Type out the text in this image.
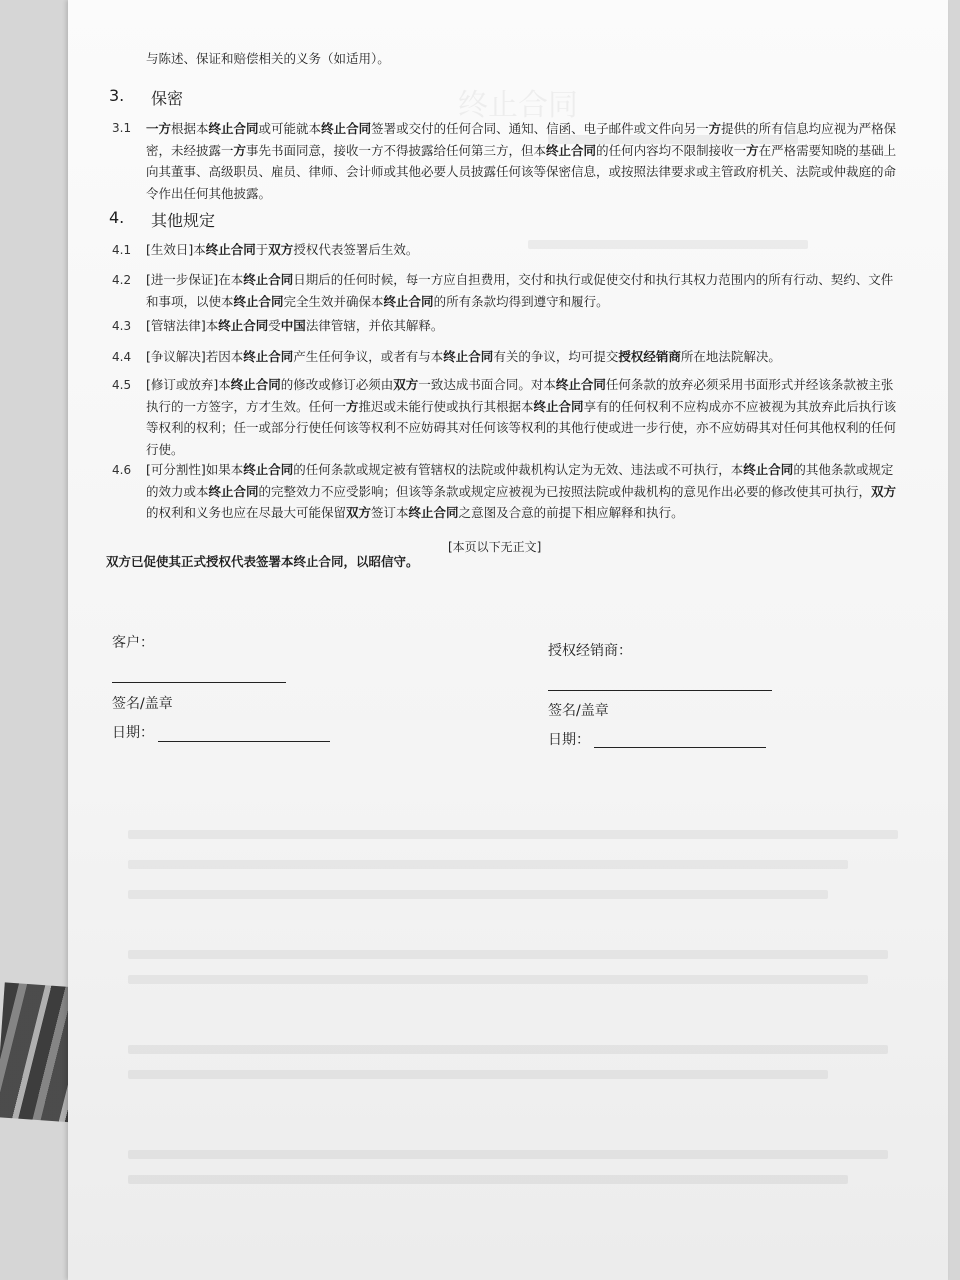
终止合同
与陈述、保证和赔偿相关的义务（如适用）。
3. 保密
3.1 一方根据本终止合同或可能就本终止合同签署或交付的任何合同、通知、信函、电子邮件或文件向另一方提供的所有信息均应视为严格保密，未经披露一方事先书面同意，接收一方不得披露给任何第三方，但本终止合同的任何内容均不限制接收一方在严格需要知晓的基础上向其董事、高级职员、雇员、律师、会计师或其他必要人员披露任何该等保密信息，或按照法律要求或主管政府机关、法院或仲裁庭的命令作出任何其他披露。
4. 其他规定
4.1 [生效日]本终止合同于双方授权代表签署后生效。
4.2 [进一步保证]在本终止合同日期后的任何时候，每一方应自担费用，交付和执行或促使交付和执行其权力范围内的所有行动、契约、文件和事项，以使本终止合同完全生效并确保本终止合同的所有条款均得到遵守和履行。
4.3 [管辖法律]本终止合同受中国法律管辖，并依其解释。
4.4 [争议解决]若因本终止合同产生任何争议，或者有与本终止合同有关的争议，均可提交授权经销商所在地法院解决。
4.5 [修订或放弃]本终止合同的修改或修订必须由双方一致达成书面合同。对本终止合同任何条款的放弃必须采用书面形式并经该条款被主张执行的一方签字，方才生效。任何一方推迟或未能行使或执行其根据本终止合同享有的任何权利不应构成亦不应被视为其放弃此后执行该等权利的权利；任一或部分行使任何该等权利不应妨碍其对任何该等权利的其他行使或进一步行使，亦不应妨碍其对任何其他权利的任何行使。
4.6 [可分割性]如果本终止合同的任何条款或规定被有管辖权的法院或仲裁机构认定为无效、违法或不可执行，本终止合同的其他条款或规定的效力或本终止合同的完整效力不应受影响；但该等条款或规定应被视为已按照法院或仲裁机构的意见作出必要的修改使其可执行，双方的权利和义务也应在尽最大可能保留双方签订本终止合同之意图及合意的前提下相应解释和执行。
[本页以下无正文]
双方已促使其正式授权代表签署本终止合同，以昭信守。
客户：
签名/盖章
日期：
授权经销商：
签名/盖章
日期：
